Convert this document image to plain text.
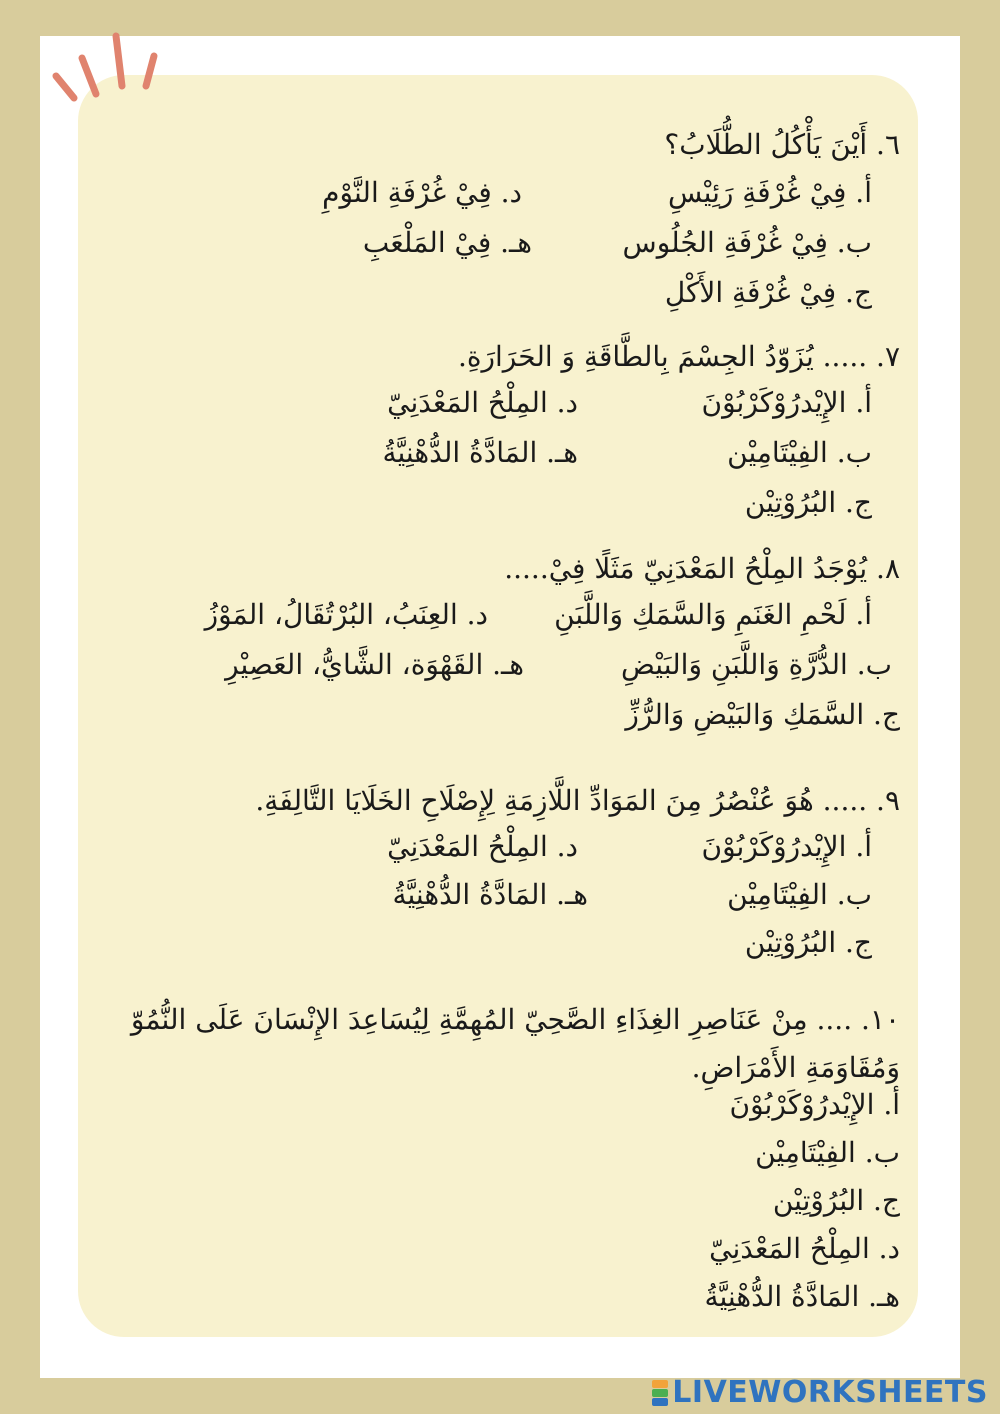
٦. أَيْنَ يَأْكُلُ الطُّلَابُ؟
أ. فِيْ غُرْفَةِ رَئِيْسِ
ب. فِيْ غُرْفَةِ الجُلُوس
ج. فِيْ غُرْفَةِ الأَكْلِ
د. فِيْ غُرْفَةِ النَّوْمِ
هـ. فِيْ المَلْعَبِ
٧. ..... يُزَوّدُ الجِسْمَ بِالطَّاقَةِ وَ الحَرَارَةِ.
أ. الإِيْدرُوْكَرْبُوْنَ
ب. الفِيْتَامِيْن
ج. البُرُوْتِيْن
د. المِلْحُ المَعْدَنِيّ
هـ. المَادَّةُ الدُّهْنِيَّةُ
٨. يُوْجَدُ المِلْحُ المَعْدَنِيّ مَثَلًا فِيْ.....
أ. لَحْمِ الغَنَمِ وَالسَّمَكِ وَاللَّبَنِ
ب. الدُّرَّةِ وَاللَّبَنِ وَالبَيْضِ
ج. السَّمَكِ وَالبَيْضِ وَالرُّزِّ
د. العِنَبُ، البُرْتُقَالُ، المَوْزُ
هـ. القَهْوَة، الشَّايُّ، العَصِيْرِ
٩. ..... هُوَ عُنْصُرُ مِنَ المَوَادِّ اللَّازِمَةِ لِإِصْلَاحِ الخَلَايَا التَّالِفَةِ.
أ. الإِيْدرُوْكَرْبُوْنَ
ب. الفِيْتَامِيْن
ج. البُرُوْتِيْن
د. المِلْحُ المَعْدَنِيّ
هـ. المَادَّةُ الدُّهْنِيَّةُ
١٠. .... مِنْ عَنَاصِرِ الغِذَاءِ الصَّحِيّ المُهِمَّةِ لِيُسَاعِدَ الإِنْسَانَ عَلَى النُّمُوّ وَمُقَاوَمَةِ الأَمْرَاضِ.
أ. الإِيْدرُوْكَرْبُوْنَ
ب. الفِيْتَامِيْن
ج. البُرُوْتِيْن
د. المِلْحُ المَعْدَنِيّ
هـ. المَادَّةُ الدُّهْنِيَّةُ
LIVEWORKSHEETS
